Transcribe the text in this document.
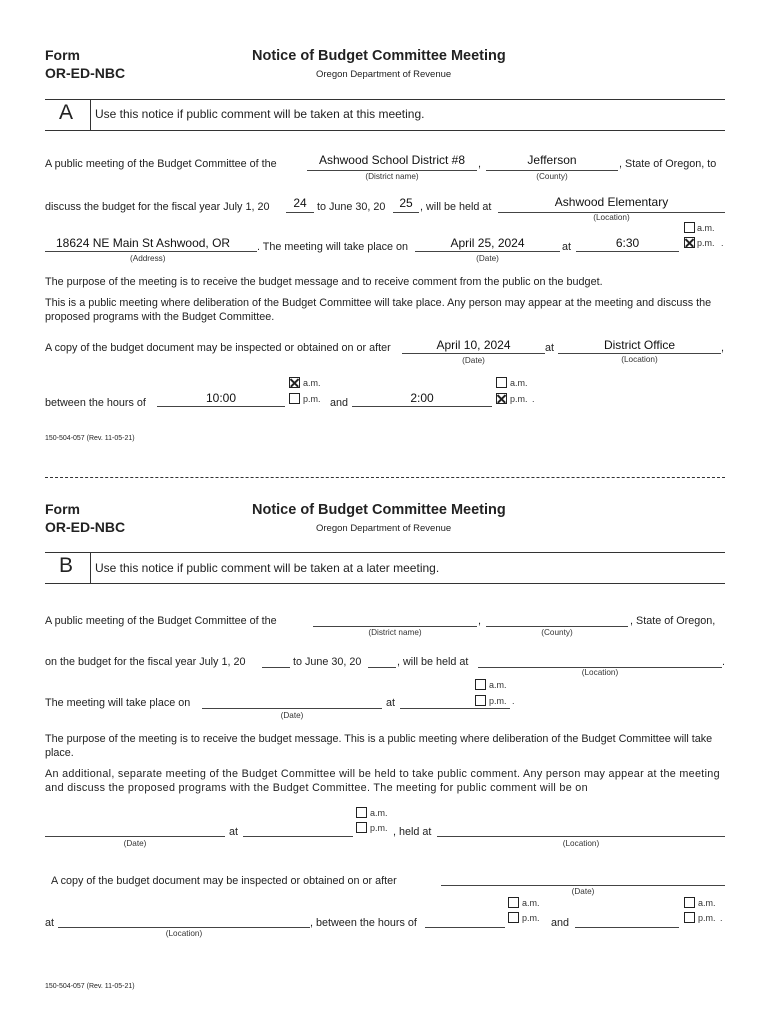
Form
OR-ED-NBC
Notice of Budget Committee Meeting
Oregon Department of Revenue
A Use this notice if public comment will be taken at this meeting.
A public meeting of the Budget Committee of the	Ashwood School District #8	,	Jefferson	, State of Oregon, to
(District name)	(County)
discuss the budget for the fiscal year July 1, 20	24 to June 30, 20	25 , will be held at	Ashwood Elementary
(Location)
18624 NE Main St Ashwood, OR . The meeting will take place on	April 25, 2024	at	6:30
(Address)	(Date)
a.m.
p.m. .
The purpose of the meeting is to receive the budget message and to receive comment from the public on the budget.
This is a public meeting where deliberation of the Budget Committee will take place. Any person may appear at the meeting and discuss the proposed programs with the Budget Committee.
A copy of the budget document may be inspected or obtained on or after	April 10, 2024	at	District Office	,
(Date)	(Location)
between the hours of	10:00
a.m.
p.m. and	2:00
a.m.
p.m. .
150-504-057 (Rev. 11-05-21)
Form
OR-ED-NBC
Notice of Budget Committee Meeting
Oregon Department of Revenue
B Use this notice if public comment will be taken at a later meeting.
A public meeting of the Budget Committee of the	,	, State of Oregon,
(District name)	(County)
on the budget for the fiscal year July 1, 20	to June 30, 20	, will be held at	.
(Location)
The meeting will take place on	at
(Date)
a.m.
p.m. .
The purpose of the meeting is to receive the budget message. This is a public meeting where deliberation of the Budget Committee will take place.
An additional, separate meeting of the Budget Committee will be held to take public comment. Any person may appear at the meeting and discuss the proposed programs with the Budget Committee. The meeting for public comment will be on
at
a.m.
p.m. , held at
(Date)	(Location)
A copy of the budget document may be inspected or obtained on or after
(Date)
at
(Location)
, between the hours of
a.m.
p.m. and
a.m.
p.m. .
150-504-057 (Rev. 11-05-21)
